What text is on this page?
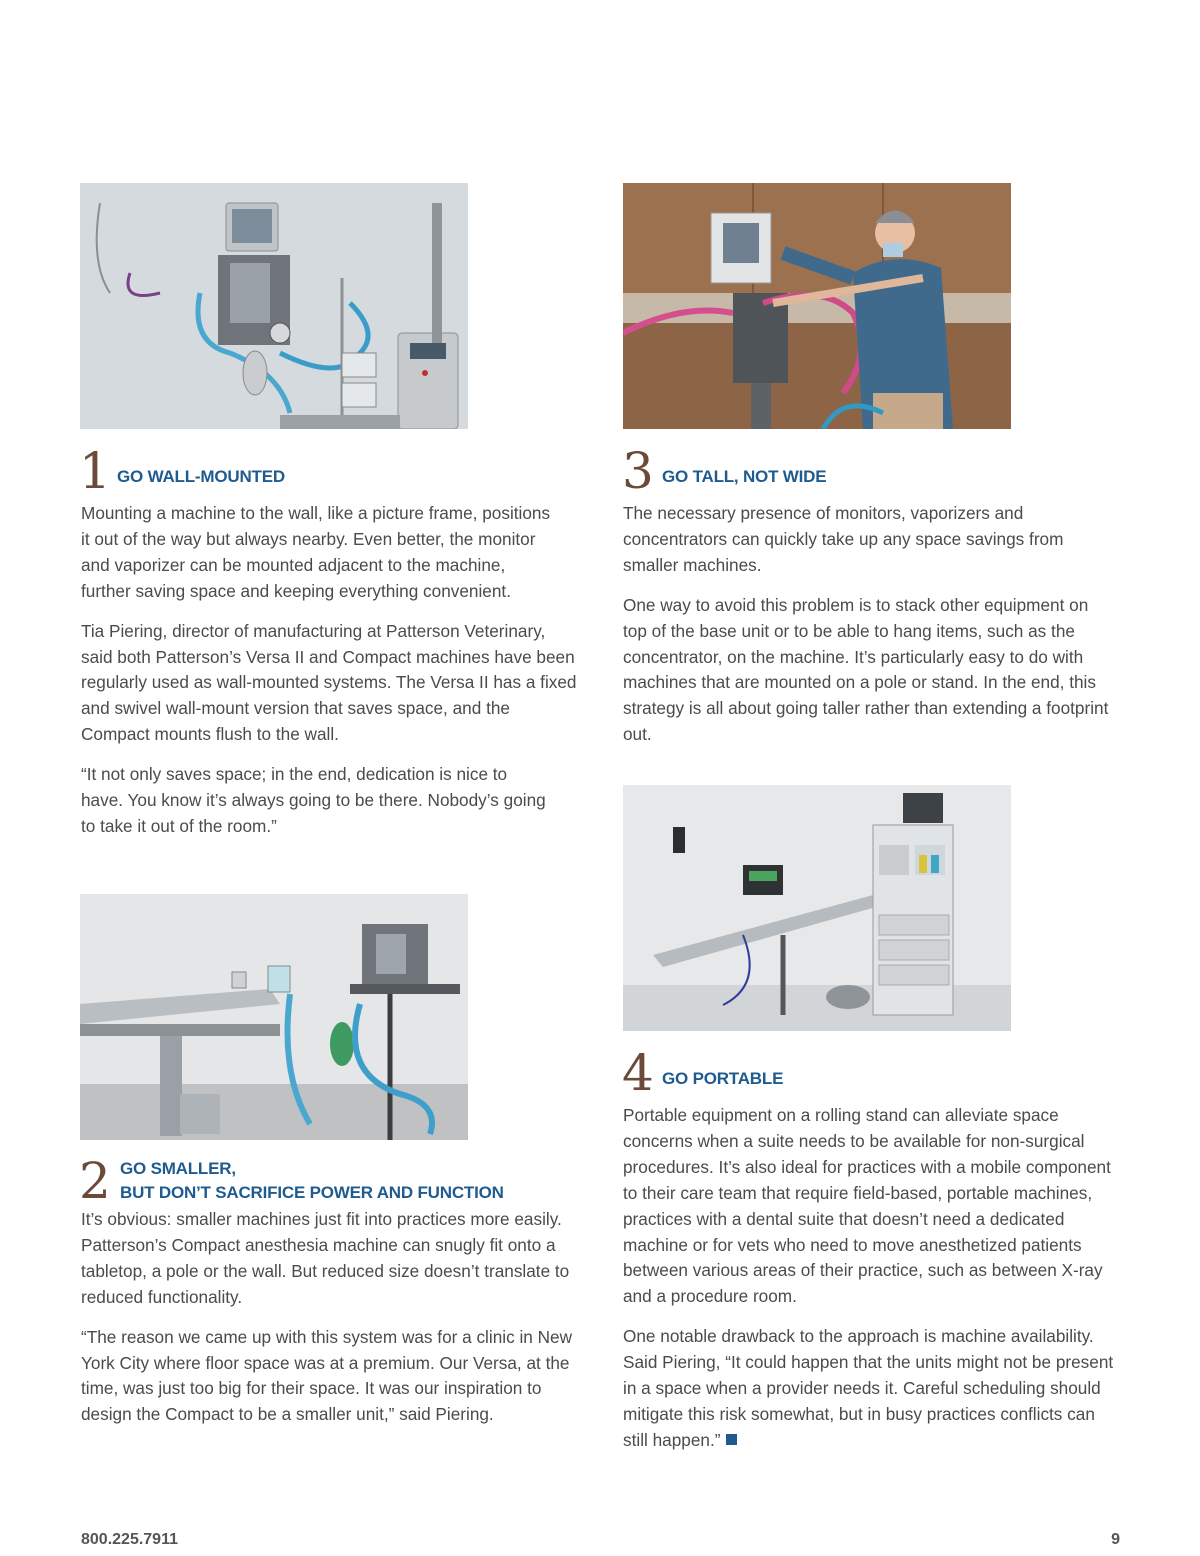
1 GO WALL-MOUNTED

Mounting a machine to the wall, like a picture frame, positions it out of the way but always nearby. Even better, the monitor and vaporizer can be mounted adjacent to the machine, further saving space and keeping everything convenient.

Tia Piering, director of manufacturing at Patterson Veterinary, said both Patterson’s Versa II and Compact machines have been regularly used as wall-mounted systems. The Versa II has a fixed and swivel wall-mount version that saves space, and the Compact mounts flush to the wall.

“It not only saves space; in the end, dedication is nice to have. You know it’s always going to be there. Nobody’s going to take it out of the room.”

2 GO SMALLER,
BUT DON’T SACRIFICE POWER AND FUNCTION

It’s obvious: smaller machines just fit into practices more easily. Patterson’s Compact anesthesia machine can snugly fit onto a tabletop, a pole or the wall. But reduced size doesn’t translate to reduced functionality.

“The reason we came up with this system was for a clinic in New York City where floor space was at a premium. Our Versa, at the time, was just too big for their space. It was our inspiration to design the Compact to be a smaller unit,” said Piering.

3 GO TALL, NOT WIDE

The necessary presence of monitors, vaporizers and concentrators can quickly take up any space savings from smaller machines.

One way to avoid this problem is to stack other equipment on top of the base unit or to be able to hang items, such as the concentrator, on the machine. It’s particularly easy to do with machines that are mounted on a pole or stand. In the end, this strategy is all about going taller rather than extending a footprint out.

4 GO PORTABLE

Portable equipment on a rolling stand can alleviate space concerns when a suite needs to be available for non-surgical procedures. It’s also ideal for practices with a mobile component to their care team that require field-based, portable machines, practices with a dental suite that doesn’t need a dedicated machine or for vets who need to move anesthetized patients between various areas of their practice, such as between X-ray and a procedure room.

One notable drawback to the approach is machine availability. Said Piering, “It could happen that the units might not be present in a space when a provider needs it. Careful scheduling should mitigate this risk somewhat, but in busy practices conflicts can still happen.”

800.225.7911	9
